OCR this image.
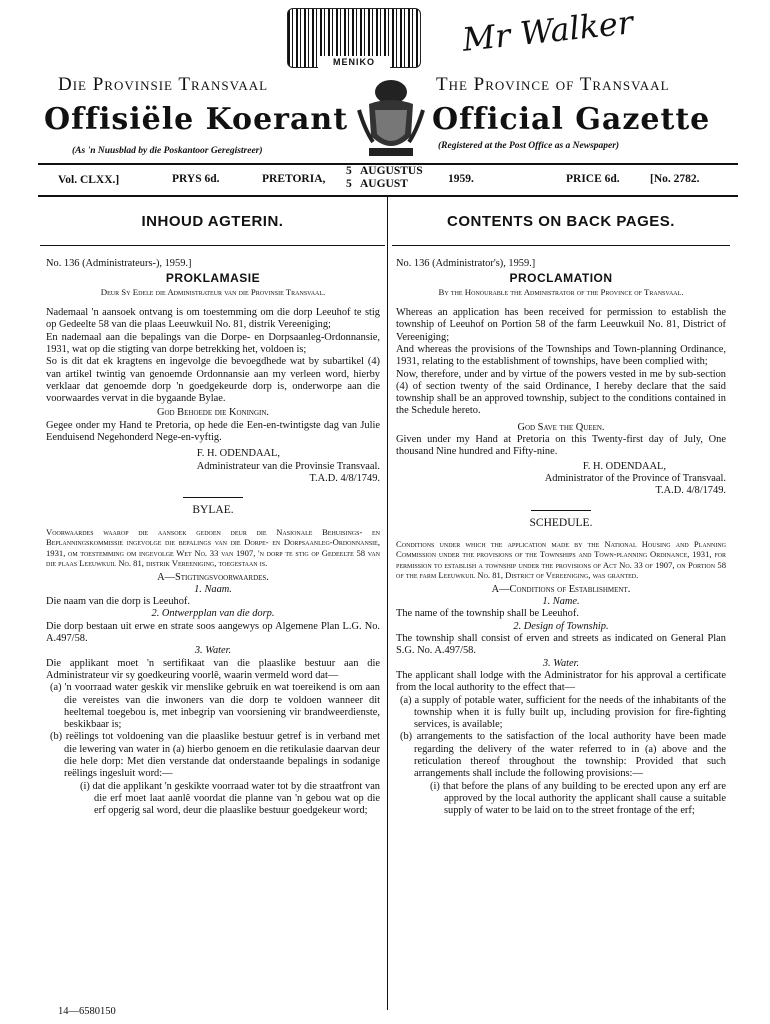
MENIKO
Mr Walker
Die Provinsie Transvaal	The Province of Transvaal
Offisiële Koerant	Official Gazette
(As 'n Nuusblad by die Poskantoor Geregistreer)	(Registered at the Post Office as a Newspaper)
Vol. CLXX.]	PRYS 6d.	PRETORIA,
5 AUGUSTUS
5 AUGUST	1959.	PRICE 6d.	[No. 2782.
INHOUD AGTERIN.	CONTENTS ON BACK PAGES.

No. 136 (Administrateurs-), 1959.]

PROKLAMASIE

Deur Sy Edele die Administrateur van die Provinsie Transvaal.

Nademaal 'n aansoek ontvang is om toestemming om die dorp Leeuhof te stig op Gedeelte 58 van die plaas Leeuwkuil No. 81, distrik Vereeniging;

En nademaal aan die bepalings van die Dorpe- en Dorpsaanleg-Ordonnansie, 1931, wat op die stigting van dorpe betrekking het, voldoen is;

So is dit dat ek kragtens en ingevolge die bevoegdhede wat by subartikel (4) van artikel twintig van genoemde Ordonnansie aan my verleen word, hierby verklaar dat genoemde dorp 'n goedgekeurde dorp is, onderworpe aan die voorwaardes vervat in die bygaande Bylae.

God Behoede die Koningin.

Gegee onder my Hand te Pretoria, op hede die Een-en-twintigste dag van Julie Eenduisend Negehonderd Nege-en-vyftig.

F. H. ODENDAAL,

Administrateur van die Provinsie Transvaal.

T.A.D. 4/8/1749.

BYLAE.

Voorwaardes waarop die aansoek gedoen deur die Nasionale Behuisings- en Beplanningskommissie ingevolge die bepalings van die Dorpe- en Dorpsaanleg-Ordonnansie, 1931, om toestemming om ingevolge Wet No. 33 van 1907, 'n dorp te stig op Gedeelte 58 van die plaas Leeuwkuil No. 81, distrik Vereeniging, toegestaan is.

A—Stigtingsvoorwaardes.

1. Naam.

Die naam van die dorp is Leeuhof.

2. Ontwerpplan van die dorp.

Die dorp bestaan uit erwe en strate soos aangewys op Algemene Plan L.G. No. A.497/58.

3. Water.

Die applikant moet 'n sertifikaat van die plaaslike bestuur aan die Administrateur vir sy goedkeuring voorlê, waarin vermeld word dat—

(a) 'n voorraad water geskik vir menslike gebruik en wat toereikend is om aan die vereistes van die inwoners van die dorp te voldoen wanneer dit heeltemal toegebou is, met inbegrip van voorsiening vir brandweerdienste, beskikbaar is;

(b) reëlings tot voldoening van die plaaslike bestuur getref is in verband met die lewering van water in (a) hierbo genoem en die retikulasie daarvan deur die hele dorp: Met dien verstande dat onderstaande bepalings in sodanige reëlings ingesluit word:—

(i) dat die applikant 'n geskikte voorraad water tot by die straatfront van die erf moet laat aanlê voordat die planne van 'n gebou wat op die erf opgerig sal word, deur die plaaslike bestuur goedgekeur word;

No. 136 (Administrator's), 1959.]

PROCLAMATION

By the Honourable the Administrator of the Province of Transvaal.

Whereas an application has been received for permission to establish the township of Leeuhof on Portion 58 of the farm Leeuwkuil No. 81, District of Vereeniging;

And whereas the provisions of the Townships and Town-planning Ordinance, 1931, relating to the establishment of townships, have been complied with;

Now, therefore, under and by virtue of the powers vested in me by sub-section (4) of section twenty of the said Ordinance, I hereby declare that the said township shall be an approved township, subject to the conditions contained in the Schedule hereto.

God Save the Queen.

Given under my Hand at Pretoria on this Twenty-first day of July, One thousand Nine hundred and Fifty-nine.

F. H. ODENDAAL,

Administrator of the Province of Transvaal.

T.A.D. 4/8/1749.

SCHEDULE.

Conditions under which the application made by the National Housing and Planning Commission under the provisions of the Townships and Town-planning Ordinance, 1931, for permission to establish a township under the provisions of Act No. 33 of 1907, on Portion 58 of the farm Leeuwkuil No. 81, District of Vereeniging, was granted.

A—Conditions of Establishment.

1. Name.

The name of the township shall be Leeuhof.

2. Design of Township.

The township shall consist of erven and streets as indicated on General Plan S.G. No. A.497/58.

3. Water.

The applicant shall lodge with the Administrator for his approval a certificate from the local authority to the effect that—

(a) a supply of potable water, sufficient for the needs of the inhabitants of the township when it is fully built up, including provision for fire-fighting services, is available;

(b) arrangements to the satisfaction of the local authority have been made regarding the delivery of the water referred to in (a) above and the reticulation thereof throughout the township: Provided that such arrangements shall include the following provisions:—

(i) that before the plans of any building to be erected upon any erf are approved by the local authority the applicant shall cause a suitable supply of water to be laid on to the street frontage of the erf;

14—6580150
